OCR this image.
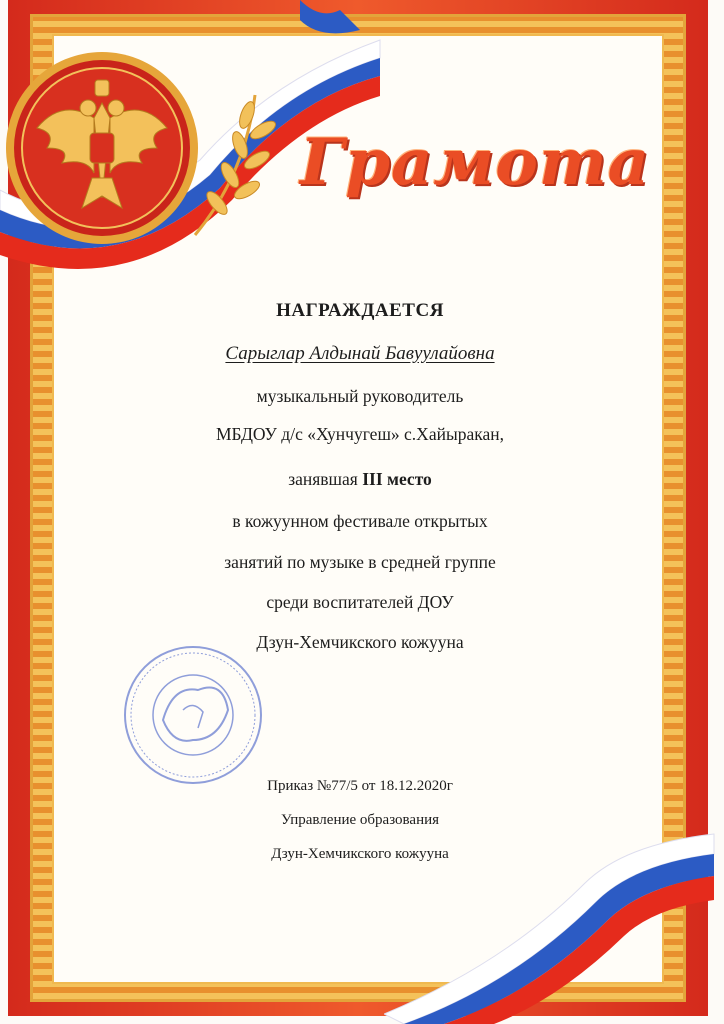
Грамота
НАГРАЖДАЕТСЯ
Сарыглар Алдынай Бавуулайовна
музыкальный руководитель
МБДОУ д/с «Хунчугеш» с.Хайыракан,
занявшая III место
в кожуунном фестивале открытых
занятий по музыке в средней группе
среди воспитателей ДОУ
Дзун-Хемчикского кожууна
Приказ №77/5 от 18.12.2020г
Управление образования
Дзун-Хемчикского кожууна
